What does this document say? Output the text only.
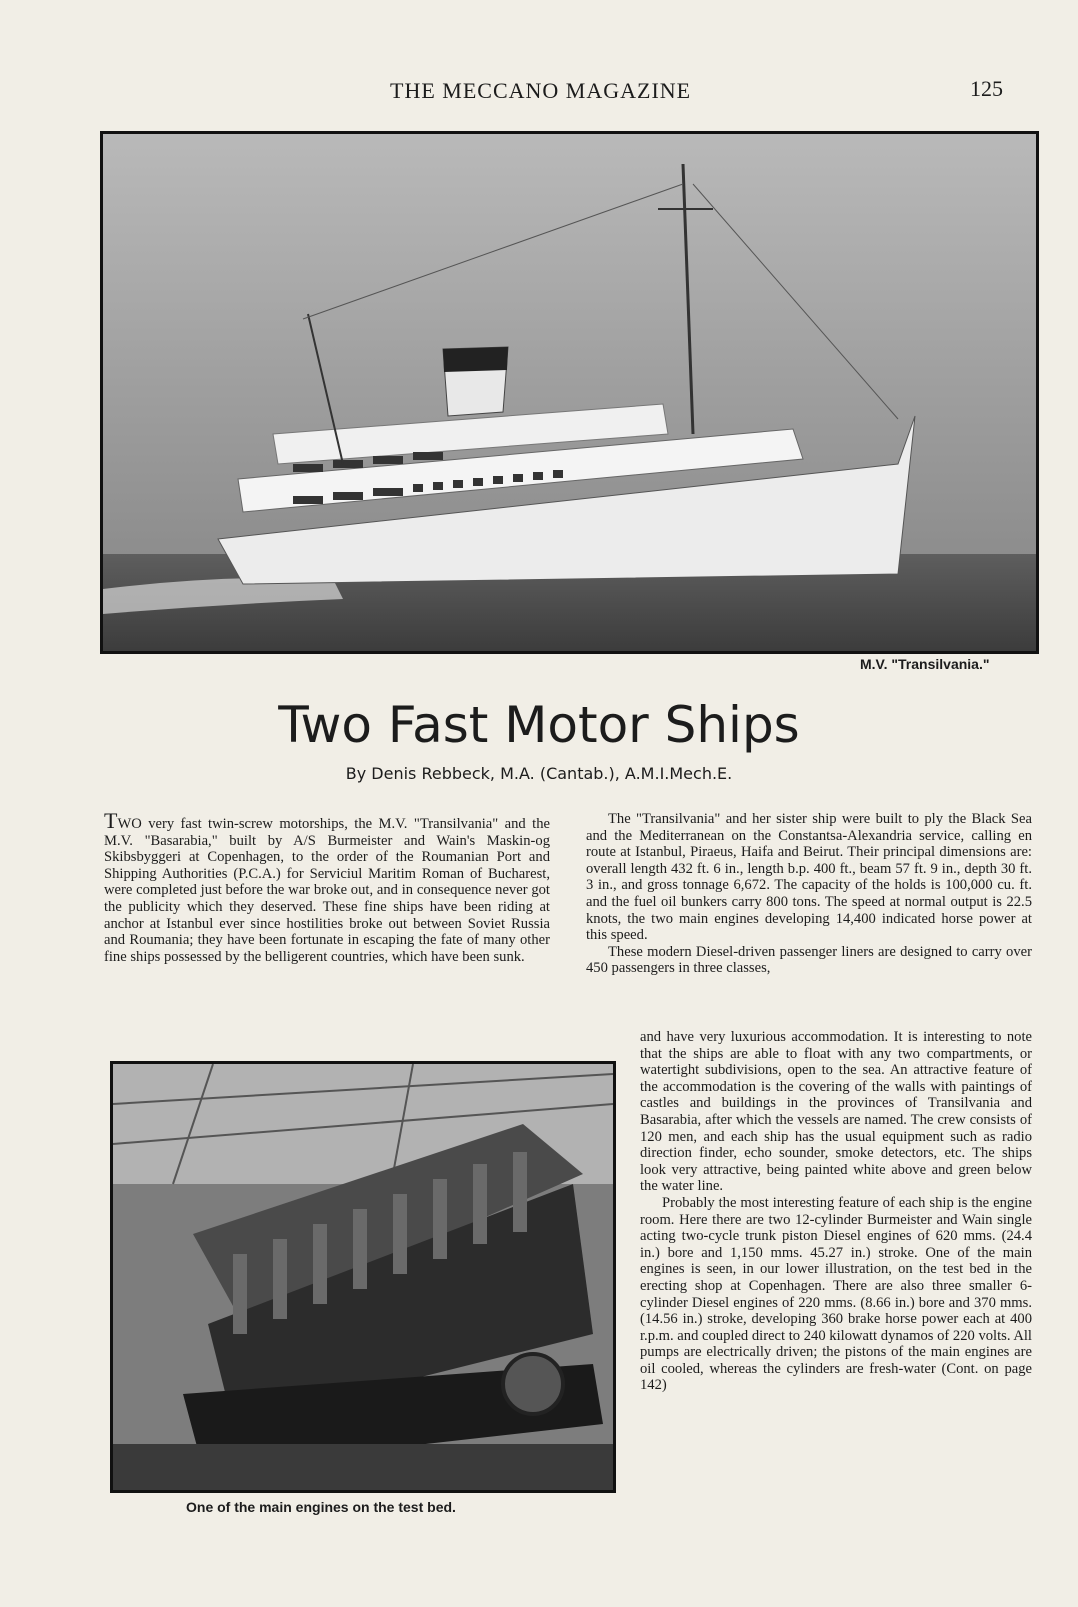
THE MECCANO MAGAZINE	125
M.V. "Transilvania."
Two Fast Motor Ships
By Denis Rebbeck, M.A. (Cantab.), A.M.I.Mech.E.

TWO very fast twin-screw motorships, the M.V. "Transilvania" and the M.V. "Basarabia," built by A/S Burmeister and Wain's Maskin-og Skibsbyggeri at Copenhagen, to the order of the Roumanian Port and Shipping Authorities (P.C.A.) for Serviciul Maritim Roman of Bucharest, were completed just before the war broke out, and in consequence never got the publicity which they deserved. These fine ships have been riding at anchor at Istanbul ever since hostilities broke out between Soviet Russia and Roumania; they have been fortunate in escaping the fate of many other fine ships possessed by the belligerent countries, which have been sunk.

One of the main engines on the test bed.

The "Transilvania" and her sister ship were built to ply the Black Sea and the Mediterranean on the Constantsa-Alexandria service, calling en route at Istanbul, Piraeus, Haifa and Beirut. Their principal dimensions are: overall length 432 ft. 6 in., length b.p. 400 ft., beam 57 ft. 9 in., depth 30 ft. 3 in., and gross tonnage 6,672. The capacity of the holds is 100,000 cu. ft. and the fuel oil bunkers carry 800 tons. The speed at normal output is 22.5 knots, the two main engines developing 14,400 indicated horse power at this speed.

These modern Diesel-driven passenger liners are designed to carry over 450 passengers in three classes,

and have very luxurious accommodation. It is interesting to note that the ships are able to float with any two compartments, or watertight subdivisions, open to the sea. An attractive feature of the accommodation is the covering of the walls with paintings of castles and buildings in the provinces of Transilvania and Basarabia, after which the vessels are named. The crew consists of 120 men, and each ship has the usual equipment such as radio direction finder, echo sounder, smoke detectors, etc. The ships look very attractive, being painted white above and green below the water line.

Probably the most interesting feature of each ship is the engine room. Here there are two 12-cylinder Burmeister and Wain single acting two-cycle trunk piston Diesel engines of 620 mms. (24.4 in.) bore and 1,150 mms. 45.27 in.) stroke. One of the main engines is seen, in our lower illustration, on the test bed in the erecting shop at Copenhagen. There are also three smaller 6-cylinder Diesel engines of 220 mms. (8.66 in.) bore and 370 mms. (14.56 in.) stroke, developing 360 brake horse power each at 400 r.p.m. and coupled direct to 240 kilowatt dynamos of 220 volts. All pumps are electrically driven; the pistons of the main engines are oil cooled, whereas the cylinders are fresh-water (Cont. on page 142)
